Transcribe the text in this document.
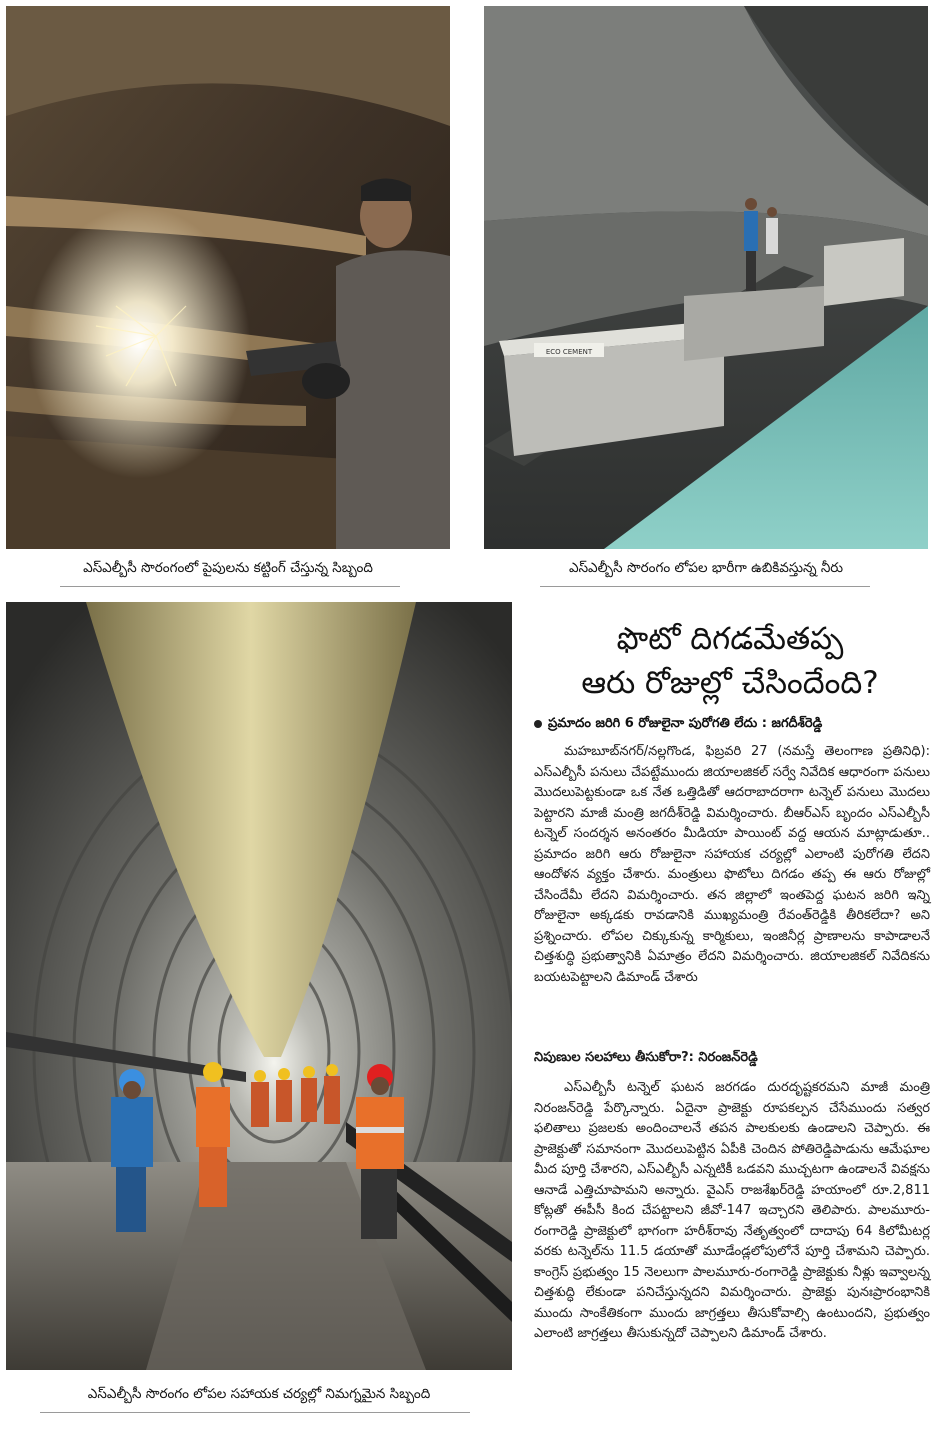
ఎస్ఎల్బీసీ సొరంగంలో పైపులను కట్టింగ్ చేస్తున్న సిబ్బంది
ECO CEMENT
ఎస్ఎల్బీసీ సొరంగం లోపల భారీగా ఉబికివస్తున్న నీరు
ఎస్ఎల్బీసీ సొరంగం లోపల సహాయక చర్యల్లో నిమగ్నమైన సిబ్బంది
ఫొటో దిగడమేతప్ప
ఆరు రోజుల్లో చేసిందేంది?
ప్రమాదం జరిగి 6 రోజులైనా పురోగతి లేదు : జగదీశ్‌రెడ్డి
మహబూబ్‌నగర్/నల్లగొండ, ఫిబ్రవరి 27 (నమస్తే తెలంగాణ ప్రతినిధి): ఎస్ఎల్బీసీ పనులు చేపట్టేముందు జియాలజికల్ సర్వే నివేదిక ఆధారంగా పనులు మొదలుపెట్టకుండా ఒక నేత ఒత్తిడితో ఆదరాబాదరాగా టన్నెల్ పనులు మొదలు పెట్టారని మాజీ మంత్రి జగదీశ్‌రెడ్డి విమర్శించారు. బీఆర్ఎస్ బృందం ఎస్ఎల్బీసీ టన్నెల్ సందర్శన అనంతరం మీడియా పాయింట్ వద్ద ఆయన మాట్లాడుతూ.. ప్రమాదం జరిగి ఆరు రోజులైనా సహాయక చర్యల్లో ఎలాంటి పురోగతి లేదని ఆందోళన వ్యక్తం చేశారు. మంత్రులు ఫొటోలు దిగడం తప్ప ఈ ఆరు రోజుల్లో చేసిందేమీ లేదని విమర్శించారు. తన జిల్లాలో ఇంతపెద్ద ఘటన జరిగి ఇన్ని రోజులైనా అక్కడకు రావడానికి ముఖ్యమంత్రి రేవంత్‌రెడ్డికి తీరికలేదా? అని ప్రశ్నించారు. లోపల చిక్కుకున్న కార్మికులు, ఇంజినీర్ల ప్రాణాలను కాపాడాలనే చిత్తశుద్ధి ప్రభుత్వానికి ఏమాత్రం లేదని విమర్శించారు. జియాలజికల్ నివేదికను బయటపెట్టాలని డిమాండ్ చేశారు
నిపుణుల సలహాలు తీసుకోరా?: నిరంజన్‌రెడ్డి
ఎస్ఎల్బీసీ టన్నెల్ ఘటన జరగడం దురదృష్టకరమని మాజీ మంత్రి నిరంజన్‌రెడ్డి పేర్కొన్నారు. ఏదైనా ప్రాజెక్టు రూపకల్పన చేసేముందు సత్వర ఫలితాలు ప్రజలకు అందించాలనే తపన పాలకులకు ఉండాలని చెప్పారు. ఈ ప్రాజెక్టుతో సమానంగా మొదలుపెట్టిన ఏపీకి చెందిన పోతిరెడ్డిపాడును ఆమేఘాల మీద పూర్తి చేశారని, ఎస్ఎల్బీసీ ఎన్నటికీ ఒడవని ముచ్చటగా ఉండాలనే వివక్షను ఆనాడే ఎత్తిచూపామని అన్నారు. వైఎస్ రాజశేఖర్‌రెడ్డి హయాంలో రూ.2,811 కోట్లతో ఈపీసీ కింద చేపట్టాలని జీవో-147 ఇచ్చారని తెలిపారు. పాలమూరు-రంగారెడ్డి ప్రాజెక్టులో భాగంగా హరీశ్‌రావు నేతృత్వంలో దాదాపు 64 కిలోమీటర్ల వరకు టన్నెల్‌ను 11.5 డయాతో మూడేండ్లలోపులోనే పూర్తి చేశామని చెప్పారు. కాంగ్రెస్ ప్రభుత్వం 15 నెలలుగా పాలమూరు-రంగారెడ్డి ప్రాజెక్టుకు నీళ్లు ఇవ్వాలన్న చిత్తశుద్ధి లేకుండా పనిచేస్తున్నదని విమర్శించారు. ప్రాజెక్టు పునఃప్రారంభానికి ముందు సాంకేతికంగా ముందు జాగ్రత్తలు తీసుకోవాల్సి ఉంటుందని, ప్రభుత్వం ఎలాంటి జాగ్రత్తలు తీసుకున్నదో చెప్పాలని డిమాండ్ చేశారు.
